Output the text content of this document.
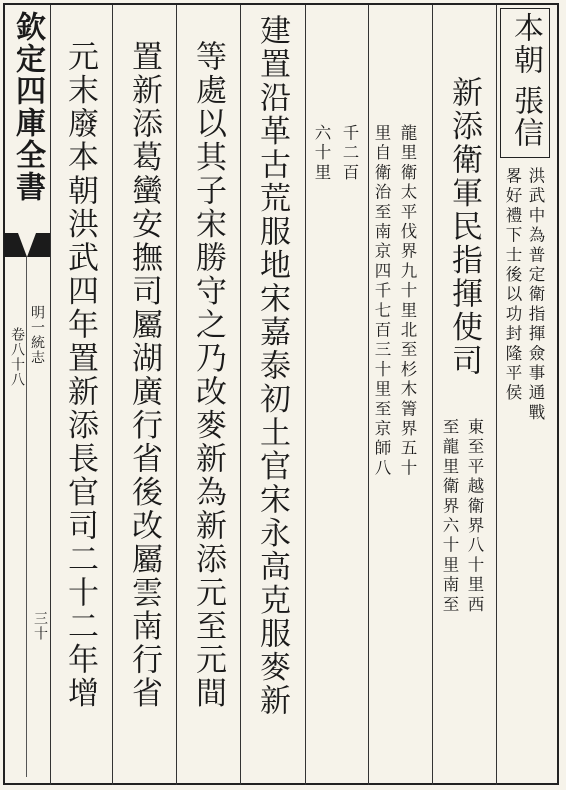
欽定四庫全書
明一統志
卷八十八
三十
本朝
張信
洪武中為普定衛指揮僉事通戰
畧好禮下士後以功封隆平侯
新添衛軍民指揮使司
東至平越衛界八十里西
至龍里衛界六十里南至
龍里衛太平伐界九十里北至杉木箐界五十
里自衛治至南京四千七百三十里至京師八
千二百
六十里
建置沿革古荒服地宋嘉泰初土官宋永高克服麥新
等處以其子宋勝守之乃改麥新為新添元至元間
置新添葛蠻安撫司屬湖廣行省後改屬雲南行省
元末廢本朝洪武四年置新添長官司二十二年增
